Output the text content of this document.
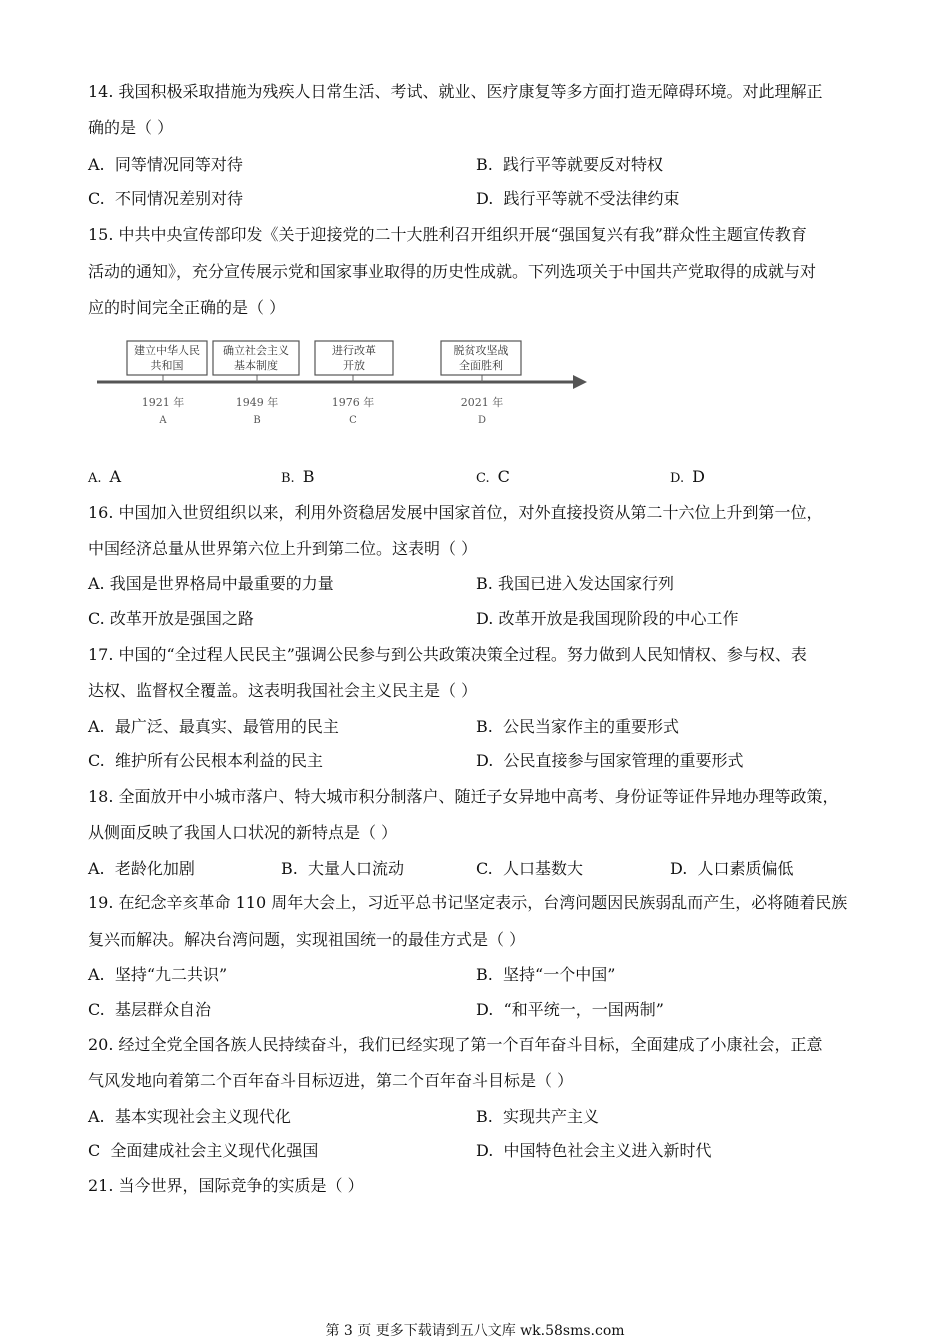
14. 我国积极采取措施为残疾人日常生活、考试、就业、医疗康复等多方面打造无障碍环境。对此理解正
确的是（ ）
A. 同等情况同等对待	B. 践行平等就要反对特权
C. 不同情况差别对待	D. 践行平等就不受法律约束
15. 中共中央宣传部印发《关于迎接党的二十大胜利召开组织开展“强国复兴有我”群众性主题宣传教育
活动的通知》，充分宣传展示党和国家事业取得的历史性成就。下列选项关于中国共产党取得的成就与对
应的时间完全正确的是（ ）
建立中华人民
共和国
1921 年
A
确立社会主义
基本制度
1949 年
B
进行改革
开放
1976 年
C
脱贫攻坚战
全面胜利
2021 年
D
A. A	B. B	C. C	D. D
16. 中国加入世贸组织以来，利用外资稳居发展中国家首位，对外直接投资从第二十六位上升到第一位，
中国经济总量从世界第六位上升到第二位。这表明（ ）
A. 我国是世界格局中最重要的力量	B. 我国已进入发达国家行列
C. 改革开放是强国之路	D. 改革开放是我国现阶段的中心工作
17. 中国的“全过程人民民主”强调公民参与到公共政策决策全过程。努力做到人民知情权、参与权、表
达权、监督权全覆盖。这表明我国社会主义民主是（ ）
A. 最广泛、最真实、最管用的民主	B. 公民当家作主的重要形式
C. 维护所有公民根本利益的民主	D. 公民直接参与国家管理的重要形式
18. 全面放开中小城市落户、特大城市积分制落户、随迁子女异地中高考、身份证等证件异地办理等政策，
从侧面反映了我国人口状况的新特点是（ ）
A. 老龄化加剧	B. 大量人口流动	C. 人口基数大	D. 人口素质偏低
19. 在纪念辛亥革命 110 周年大会上，习近平总书记坚定表示，台湾问题因民族弱乱而产生，必将随着民族
复兴而解决。解决台湾问题，实现祖国统一的最佳方式是（ ）
A. 坚持“九二共识”	B. 坚持“一个中国”
C. 基层群众自治	D. “和平统一，一国两制”
20. 经过全党全国各族人民持续奋斗，我们已经实现了第一个百年奋斗目标，全面建成了小康社会，正意
气风发地向着第二个百年奋斗目标迈进，第二个百年奋斗目标是（ ）
A. 基本实现社会主义现代化	B. 实现共产主义
C 全面建成社会主义现代化强国	D. 中国特色社会主义进入新时代
21. 当今世界，国际竞争的实质是（ ）
第 3 页 更多下载请到五八文库 wk.58sms.com
